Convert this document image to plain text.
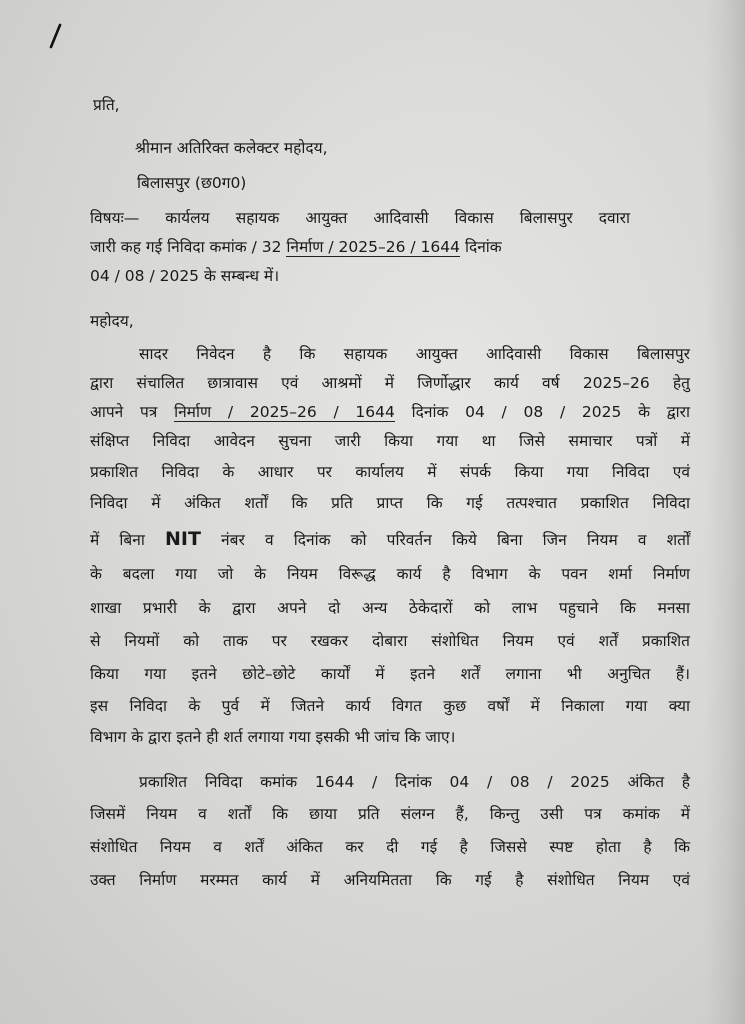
प्रति,
श्रीमान अतिरिक्त कलेक्टर महोदय,
बिलासपुर (छ0ग0)
विषयः— कार्यलय सहायक आयुक्त आदिवासी विकास बिलासपुर दवारा
जारी कह गई निविदा कमांक / 32 निर्माण / 2025–26 / 1644 दिनांक
04 / 08 / 2025 के सम्बन्ध में।
महोदय,
सादर निवेदन है कि सहायक आयुक्त आदिवासी विकास बिलासपुर
द्वारा संचालित छात्रावास एवं आश्रमों में जिर्णोद्धार कार्य वर्ष 2025–26 हेतु
आपने पत्र निर्माण / 2025–26 / 1644 दिनांक 04 / 08 / 2025 के द्वारा
संक्षिप्त निविदा आवेदन सुचना जारी किया गया था जिसे समाचार पत्रों में
प्रकाशित निविदा के आधार पर कार्यालय में संपर्क किया गया निविदा एवं
निविदा में अंकित शर्तों कि प्रति प्राप्त कि गई तत्पश्चात प्रकाशित निविदा
में बिना NIT नंबर व दिनांक को परिवर्तन किये बिना जिन नियम व शर्तों
के बदला गया जो के नियम विरूद्ध कार्य है विभाग के पवन शर्मा निर्माण
शाखा प्रभारी के द्वारा अपने दो अन्य ठेकेदारों को लाभ पहुचाने कि मनसा
से नियमों को ताक पर रखकर दोबारा संशोधित नियम एवं शर्तें प्रकाशित
किया गया इतने छोटे–छोटे कार्यों में इतने शर्तें लगाना भी अनुचित हैं।
इस निविदा के पुर्व में जितने कार्य विगत कुछ वर्षों में निकाला गया क्या
विभाग के द्वारा इतने ही शर्त लगाया गया इसकी भी जांच कि जाए।
प्रकाशित निविदा कमांक 1644 / दिनांक 04 / 08 / 2025 अंकित है
जिसमें नियम व शर्तों कि छाया प्रति संलग्न हैं, किन्तु उसी पत्र कमांक में
संशोधित नियम व शर्तें अंकित कर दी गई है जिससे स्पष्ट होता है कि
उक्त निर्माण मरम्मत कार्य में अनियमितता कि गई है संशोधित नियम एवं
